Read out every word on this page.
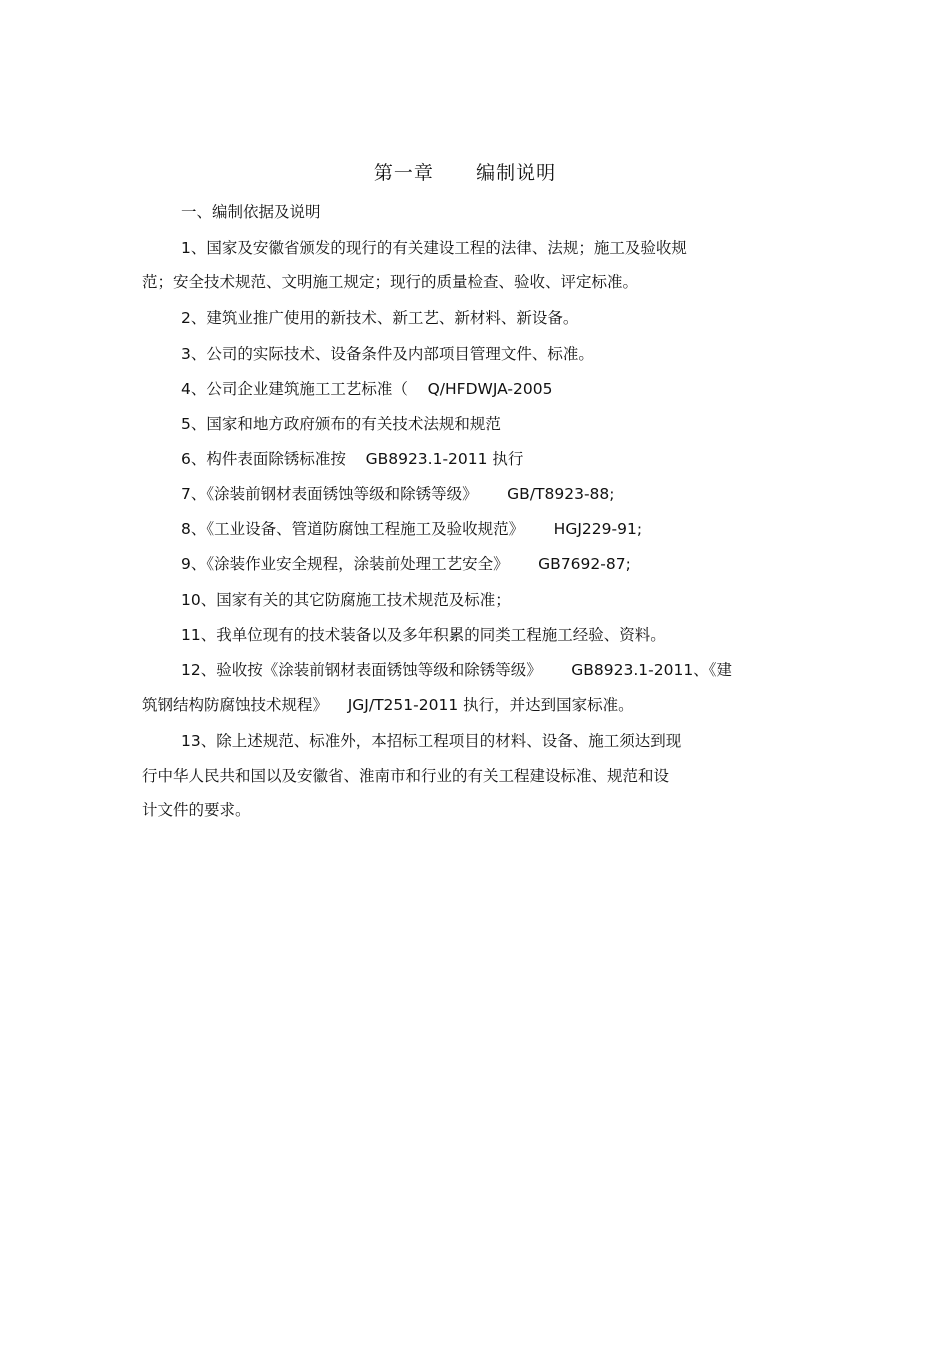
第一章      编制说明
一、编制依据及说明
1、国家及安徽省颁发的现行的有关建设工程的法律、法规；施工及验收规
范；安全技术规范、文明施工规定；现行的质量检查、验收、评定标准。
2、建筑业推广使用的新技术、新工艺、新材料、新设备。
3、公司的实际技术、设备条件及内部项目管理文件、标准。
4、公司企业建筑施工工艺标准（    Q/HFDWJA-2005
5、国家和地方政府颁布的有关技术法规和规范
6、构件表面除锈标准按    GB8923.1-2011 执行
7、《涂装前钢材表面锈蚀等级和除锈等级》      GB/T8923-88;
8、《工业设备、管道防腐蚀工程施工及验收规范》      HGJ229-91;
9、《涂装作业安全规程，涂装前处理工艺安全》      GB7692-87;
10、国家有关的其它防腐施工技术规范及标准；
11、我单位现有的技术装备以及多年积累的同类工程施工经验、资料。
12、验收按《涂装前钢材表面锈蚀等级和除锈等级》      GB8923.1-2011、《建
筑钢结构防腐蚀技术规程》    JGJ/T251-2011 执行，并达到国家标准。
13、除上述规范、标准外，本招标工程项目的材料、设备、施工须达到现
行中华人民共和国以及安徽省、淮南市和行业的有关工程建设标准、规范和设
计文件的要求。
